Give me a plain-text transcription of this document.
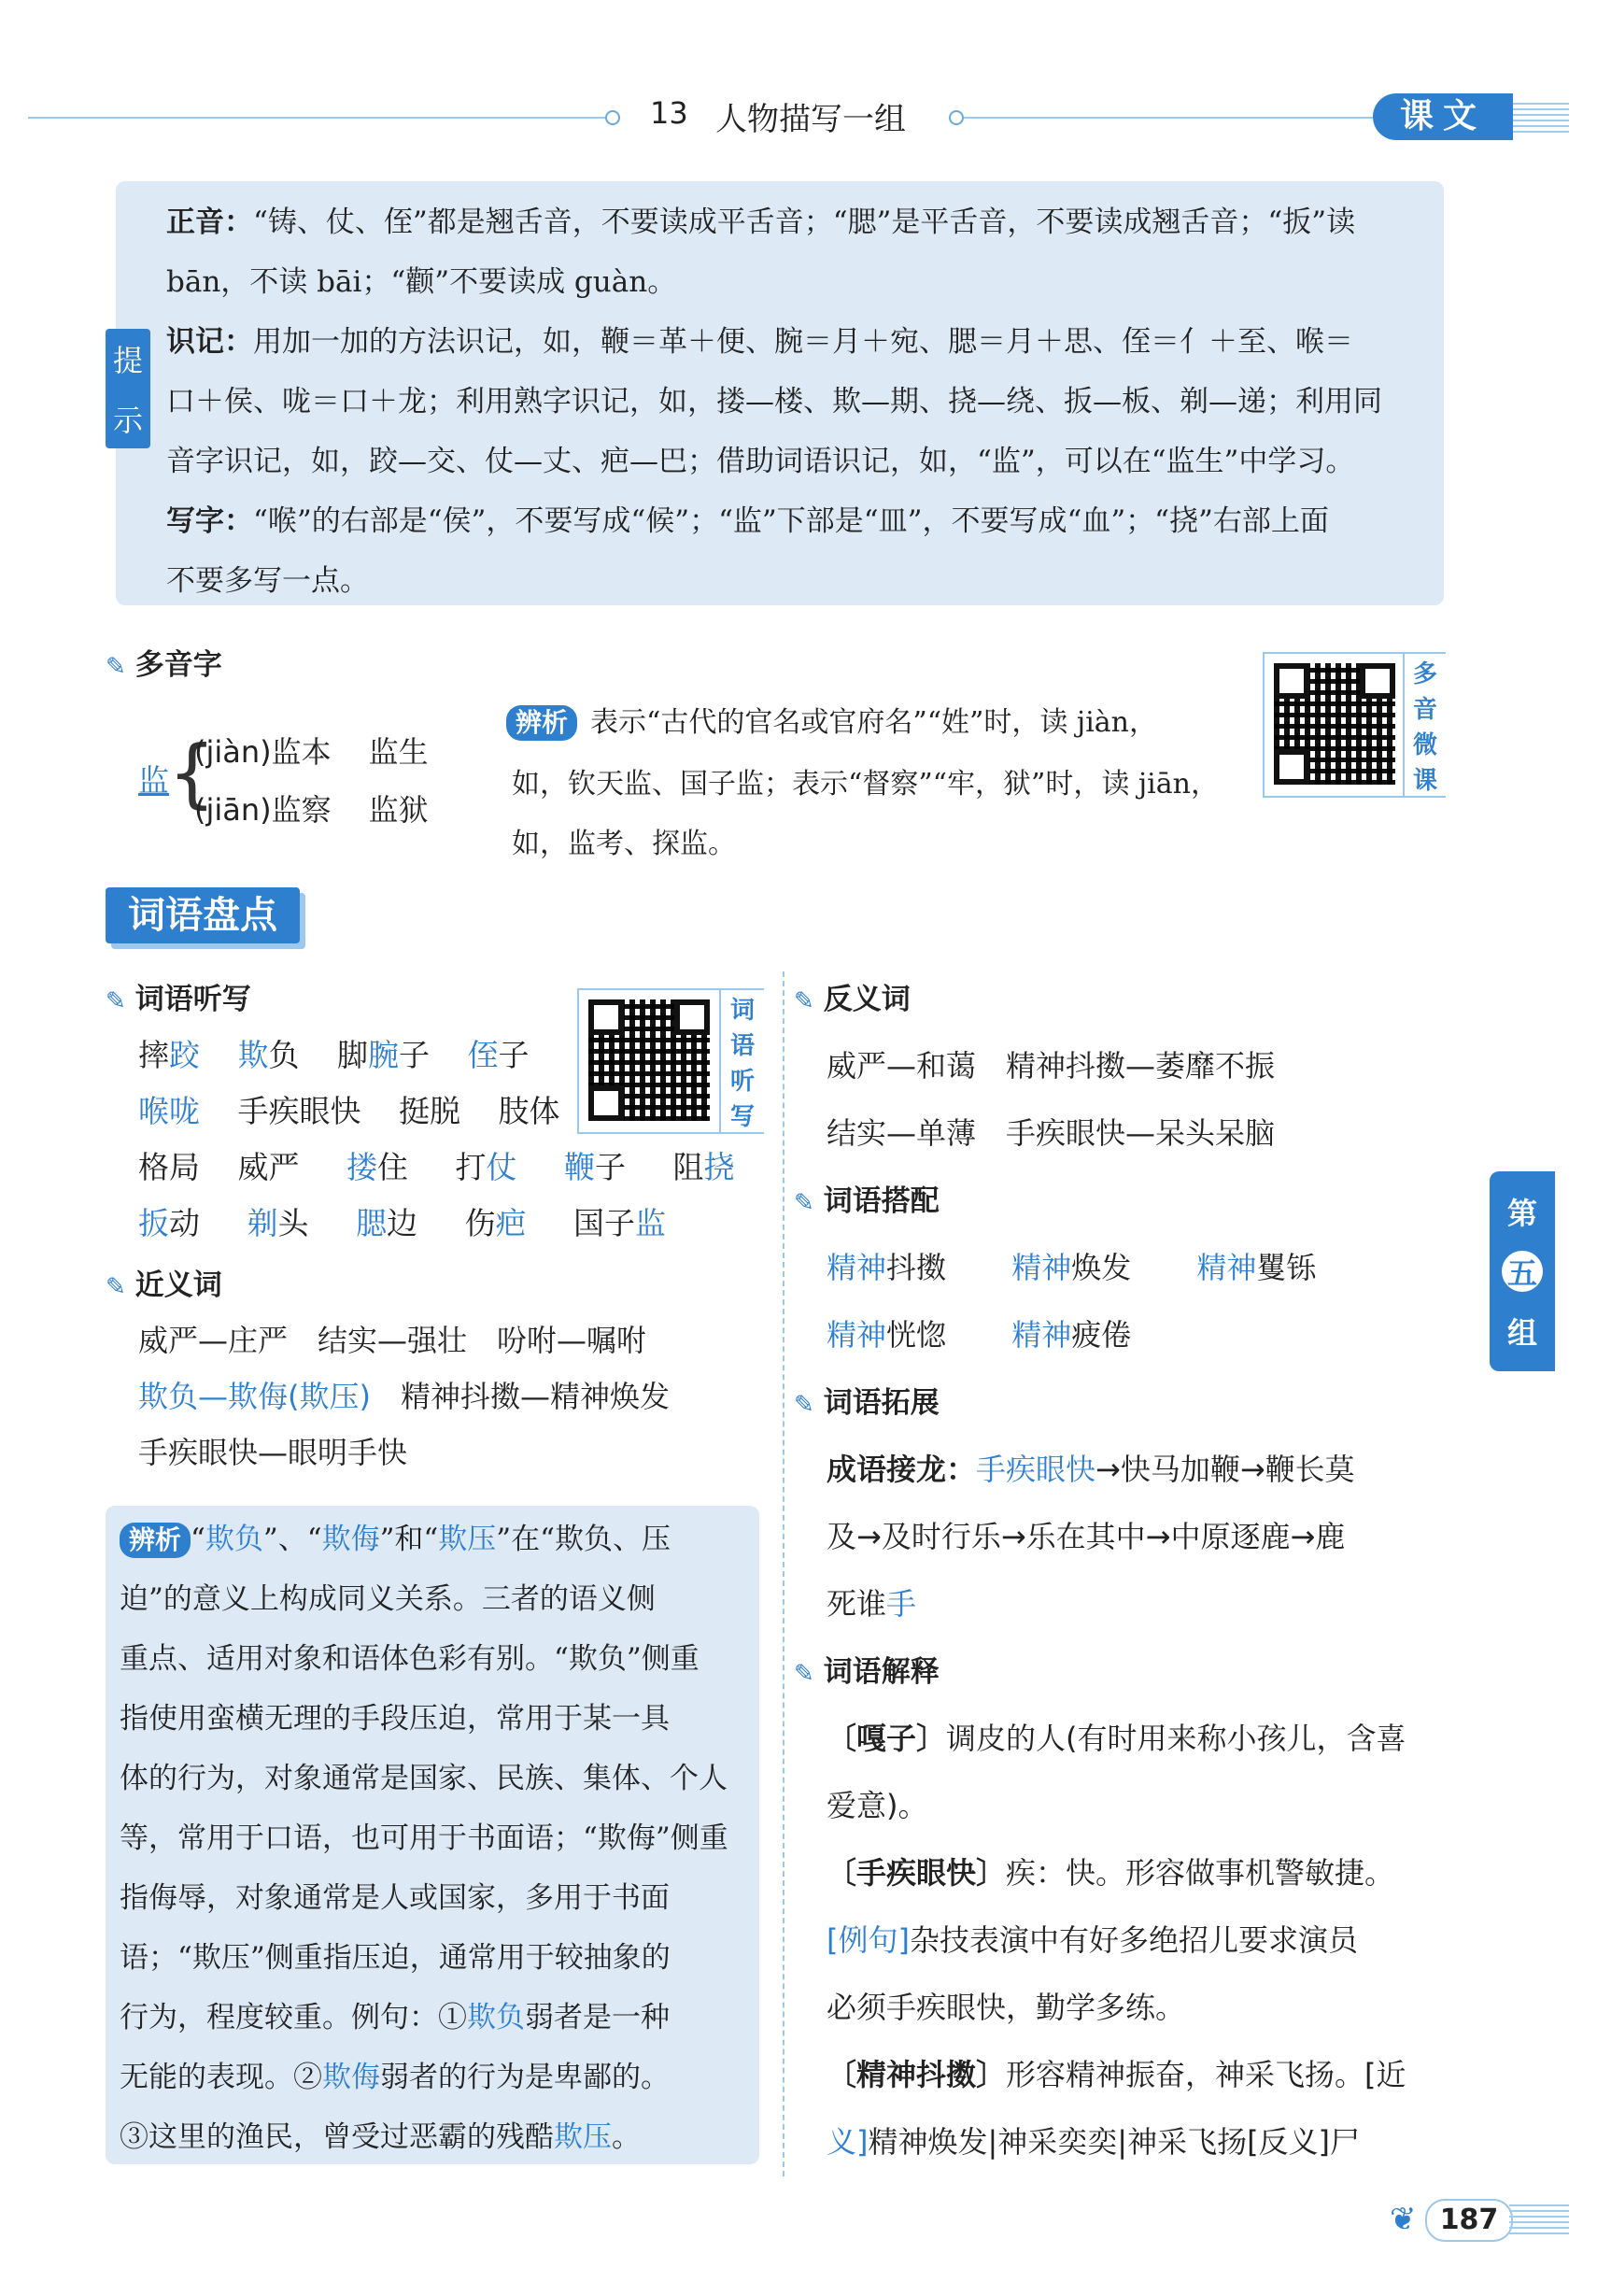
13 人物描写一组	课文
提
示
正音：“铸、仗、侄”都是翘舌音，不要读成平舌音；“腮”是平舌音，不要读成翘舌音；“扳”读
bān，不读 bāi；“颧”不要读成 guàn。
识记：用加一加的方法识记，如，鞭＝革＋便、腕＝月＋宛、腮＝月＋思、侄＝亻＋至、喉＝
口＋侯、咙＝口＋龙；利用熟字识记，如，搂—楼、欺—期、挠—绕、扳—板、剃—递；利用同
音字识记，如，跤—交、仗—丈、疤—巴；借助词语识记，如，“监”，可以在“监生”中学习。
写字：“喉”的右部是“侯”，不要写成“候”；“监”下部是“皿”，不要写成“血”；“挠”右部上面
不要多写一点。
✎ 多音字
监 {
(jiàn)监本 监生
(jiān)监察 监狱
辨析 表示“古代的官名或官府名”“姓”时，读 jiàn，
如，钦天监、国子监；表示“督察”“牢，狱”时，读 jiān，
如，监考、探监。
多
音
微
课
词语盘点
✎ 词语听写	词
语
听
写
摔跤 欺负 脚腕子 侄子
喉咙 手疾眼快 挺脱 肢体
格局 威严 搂住 打仗 鞭子 阻挠
扳动 剃头 腮边 伤疤 国子监
✎ 近义词
威严—庄严　结实—强壮　吩咐—嘱咐
欺负—欺侮(欺压)　精神抖擞—精神焕发
手疾眼快—眼明手快
辨析 “欺负”、“欺侮”和“欺压”在“欺负、压
迫”的意义上构成同义关系。三者的语义侧
重点、适用对象和语体色彩有别。“欺负”侧重
指使用蛮横无理的手段压迫，常用于某一具
体的行为，对象通常是国家、民族、集体、个人
等，常用于口语，也可用于书面语；“欺侮”侧重
指侮辱，对象通常是人或国家，多用于书面
语；“欺压”侧重指压迫，通常用于较抽象的
行为，程度较重。例句：①欺负弱者是一种
无能的表现。②欺侮弱者的行为是卑鄙的。
③这里的渔民，曾受过恶霸的残酷欺压。
✎ 反义词
威严—和蔼　精神抖擞—萎靡不振
结实—单薄　手疾眼快—呆头呆脑
✎ 词语搭配
精神抖擞 精神焕发 精神矍铄
精神恍惚 精神疲倦
✎ 词语拓展
成语接龙：手疾眼快→快马加鞭→鞭长莫
及→及时行乐→乐在其中→中原逐鹿→鹿
死谁手
✎ 词语解释
〔嘎子〕调皮的人(有时用来称小孩儿，含喜
爱意)。
〔手疾眼快〕疾：快。形容做事机警敏捷。
[例句]杂技表演中有好多绝招儿要求演员
必须手疾眼快，勤学多练。
〔精神抖擞〕形容精神振奋，神采飞扬。[近
义]精神焕发|神采奕奕|神采飞扬[反义]尸
第
五
组
❦ 187
